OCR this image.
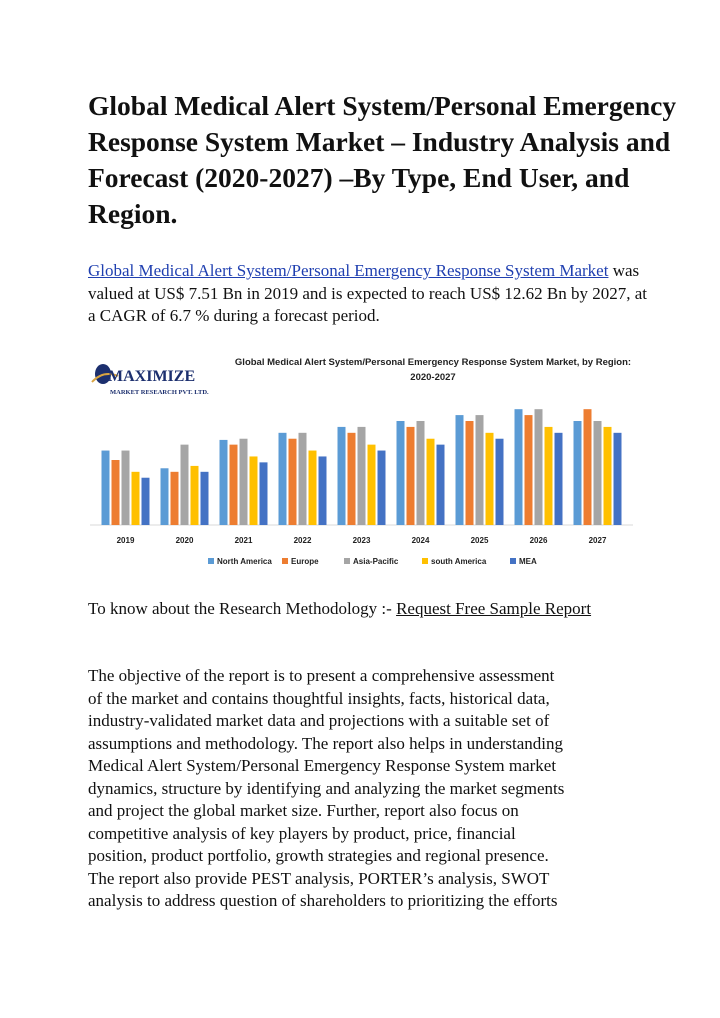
Global Medical Alert System/Personal Emergency Response System Market – Industry Analysis and Forecast (2020-2027) –By Type, End User, and Region.

Global Medical Alert System/Personal Emergency Response System Market was valued at US$ 7.51 Bn in 2019 and is expected to reach US$ 12.62 Bn by 2027, at a CAGR of 6.7 % during a forecast period.

MAXIMIZE
MARKET RESEARCH PVT. LTD.
Global Medical Alert System/Personal Emergency Response System Market, by Region:
2020-2027
2019	2020	2021	2022	2023	2024	2025	2026	2027
North America Europe	Asia-Pacific	south America	MEA

To know about the Research Methodology :- Request Free Sample Report

The objective of the report is to present a comprehensive assessment
of the market and contains thoughtful insights, facts, historical data,
industry-validated market data and projections with a suitable set of
assumptions and methodology. The report also helps in understanding
Medical Alert System/Personal Emergency Response System market
dynamics, structure by identifying and analyzing the market segments
and project the global market size. Further, report also focus on
competitive analysis of key players by product, price, financial
position, product portfolio, growth strategies and regional presence.
The report also provide PEST analysis, PORTER’s analysis, SWOT
analysis to address question of shareholders to prioritizing the efforts
